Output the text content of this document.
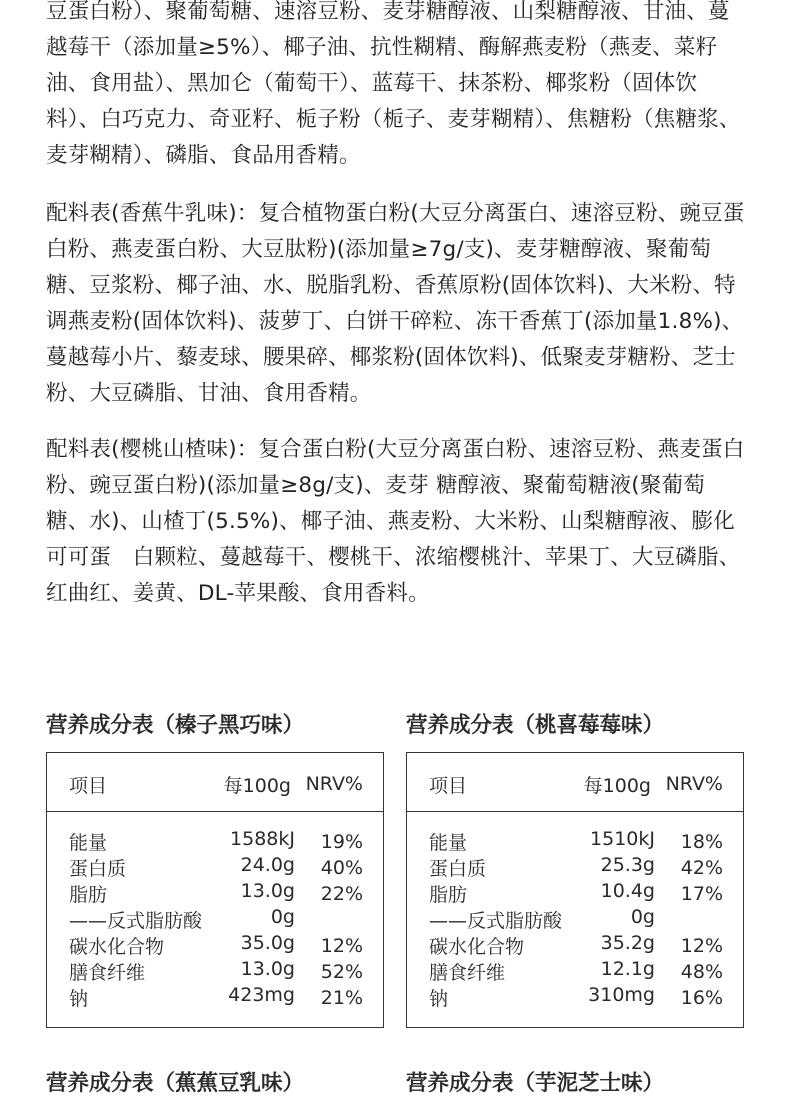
豆蛋白粉）、聚葡萄糖、速溶豆粉、麦芽糖醇液、山梨糖醇液、甘油、蔓越莓干（添加量≥5%）、椰子油、抗性糊精、酶解燕麦粉（燕麦、菜籽油、食用盐）、黑加仑（葡萄干）、蓝莓干、抹茶粉、椰浆粉（固体饮料）、白巧克力、奇亚籽、栀子粉（栀子、麦芽糊精）、焦糖粉（焦糖浆、麦芽糊精）、磷脂、食品用香精。

配料表(香蕉牛乳味)：复合植物蛋白粉(大豆分离蛋白、速溶豆粉、豌豆蛋白粉、燕麦蛋白粉、大豆肽粉)(添加量≥7g/支)、麦芽糖醇液、聚葡萄糖、豆浆粉、椰子油、水、脱脂乳粉、香蕉原粉(固体饮料)、大米粉、特调燕麦粉(固体饮料)、菠萝丁、白饼干碎粒、冻干香蕉丁(添加量1.8%)、蔓越莓小片、藜麦球、腰果碎、椰浆粉(固体饮料)、低聚麦芽糖粉、芝士粉、大豆磷脂、甘油、食用香精。

配料表(樱桃山楂味)：复合蛋白粉(大豆分离蛋白粉、速溶豆粉、燕麦蛋白粉、豌豆蛋白粉)(添加量≥8g/支)、麦芽 糖醇液、聚葡萄糖液(聚葡萄糖、水)、山楂丁(5.5%)、椰子油、燕麦粉、大米粉、山梨糖醇液、膨化可可蛋　白颗粒、蔓越莓干、樱桃干、浓缩樱桃汁、苹果丁、大豆磷脂、红曲红、姜黄、DL-苹果酸、食用香料。

营养成分表（榛子黑巧味）	营养成分表（桃喜莓莓味）
项目	每100g NRV%
能量	1588kJ 19%
蛋白质	24.0g 40%
脂肪	13.0g 22%
——反式脂肪酸	0g
碳水化合物	35.0g 12%
膳食纤维	13.0g 52%
钠	423mg 21%
项目	每100g NRV%
能量	1510kJ 18%
蛋白质	25.3g 42%
脂肪	10.4g 17%
——反式脂肪酸	0g
碳水化合物	35.2g 12%
膳食纤维	12.1g 48%
钠	310mg 16%
营养成分表（蕉蕉豆乳味）	营养成分表（芋泥芝士味）
